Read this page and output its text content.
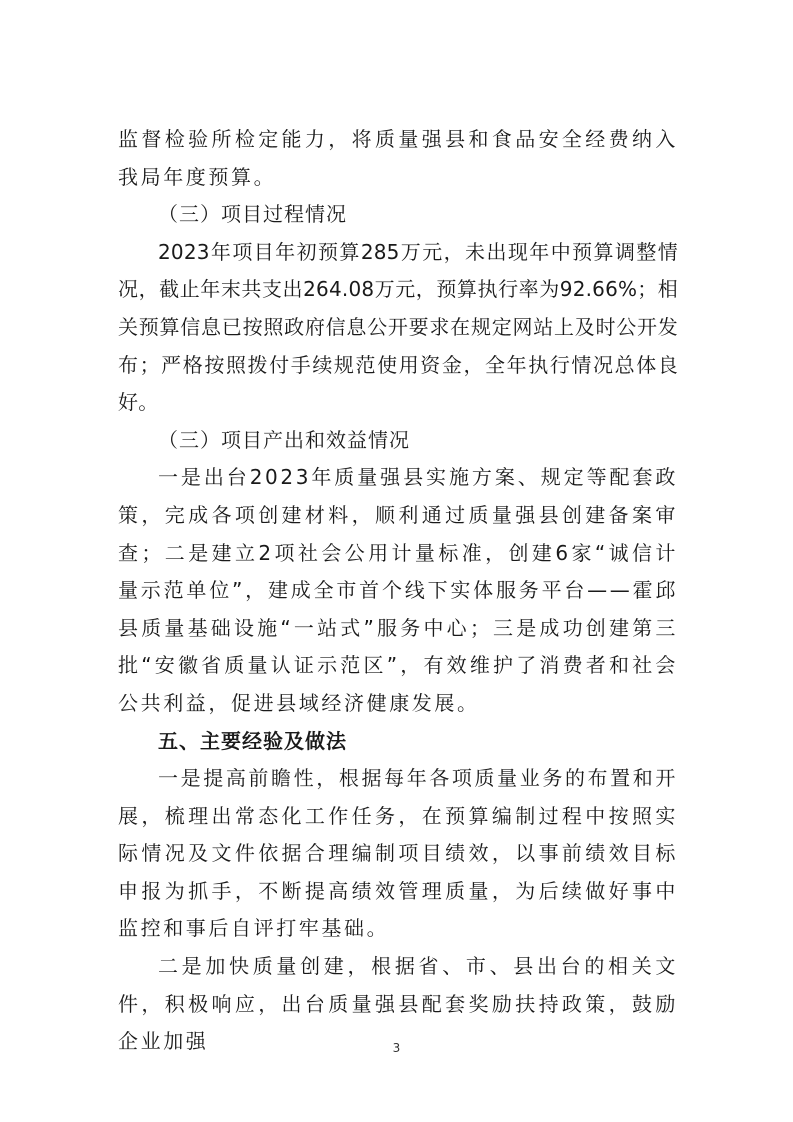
监督检验所检定能力，将质量强县和食品安全经费纳入我局年度预算。

（三）项目过程情况

2023年项目年初预算285万元，未出现年中预算调整情况，截止年末共支出264.08万元，预算执行率为92.66%；相关预算信息已按照政府信息公开要求在规定网站上及时公开发布；严格按照拨付手续规范使用资金，全年执行情况总体良好。

（三）项目产出和效益情况

一是出台2023年质量强县实施方案、规定等配套政策，完成各项创建材料，顺利通过质量强县创建备案审查；二是建立2项社会公用计量标准，创建6家“诚信计量示范单位”，建成全市首个线下实体服务平台——霍邱县质量基础设施“一站式”服务中心；三是成功创建第三批“安徽省质量认证示范区”，有效维护了消费者和社会公共利益，促进县域经济健康发展。

五、主要经验及做法

一是提高前瞻性，根据每年各项质量业务的布置和开展，梳理出常态化工作任务，在预算编制过程中按照实际情况及文件依据合理编制项目绩效，以事前绩效目标申报为抓手，不断提高绩效管理质量，为后续做好事中监控和事后自评打牢基础。

二是加快质量创建，根据省、市、县出台的相关文件，积极响应，出台质量强县配套奖励扶持政策，鼓励企业加强	3
